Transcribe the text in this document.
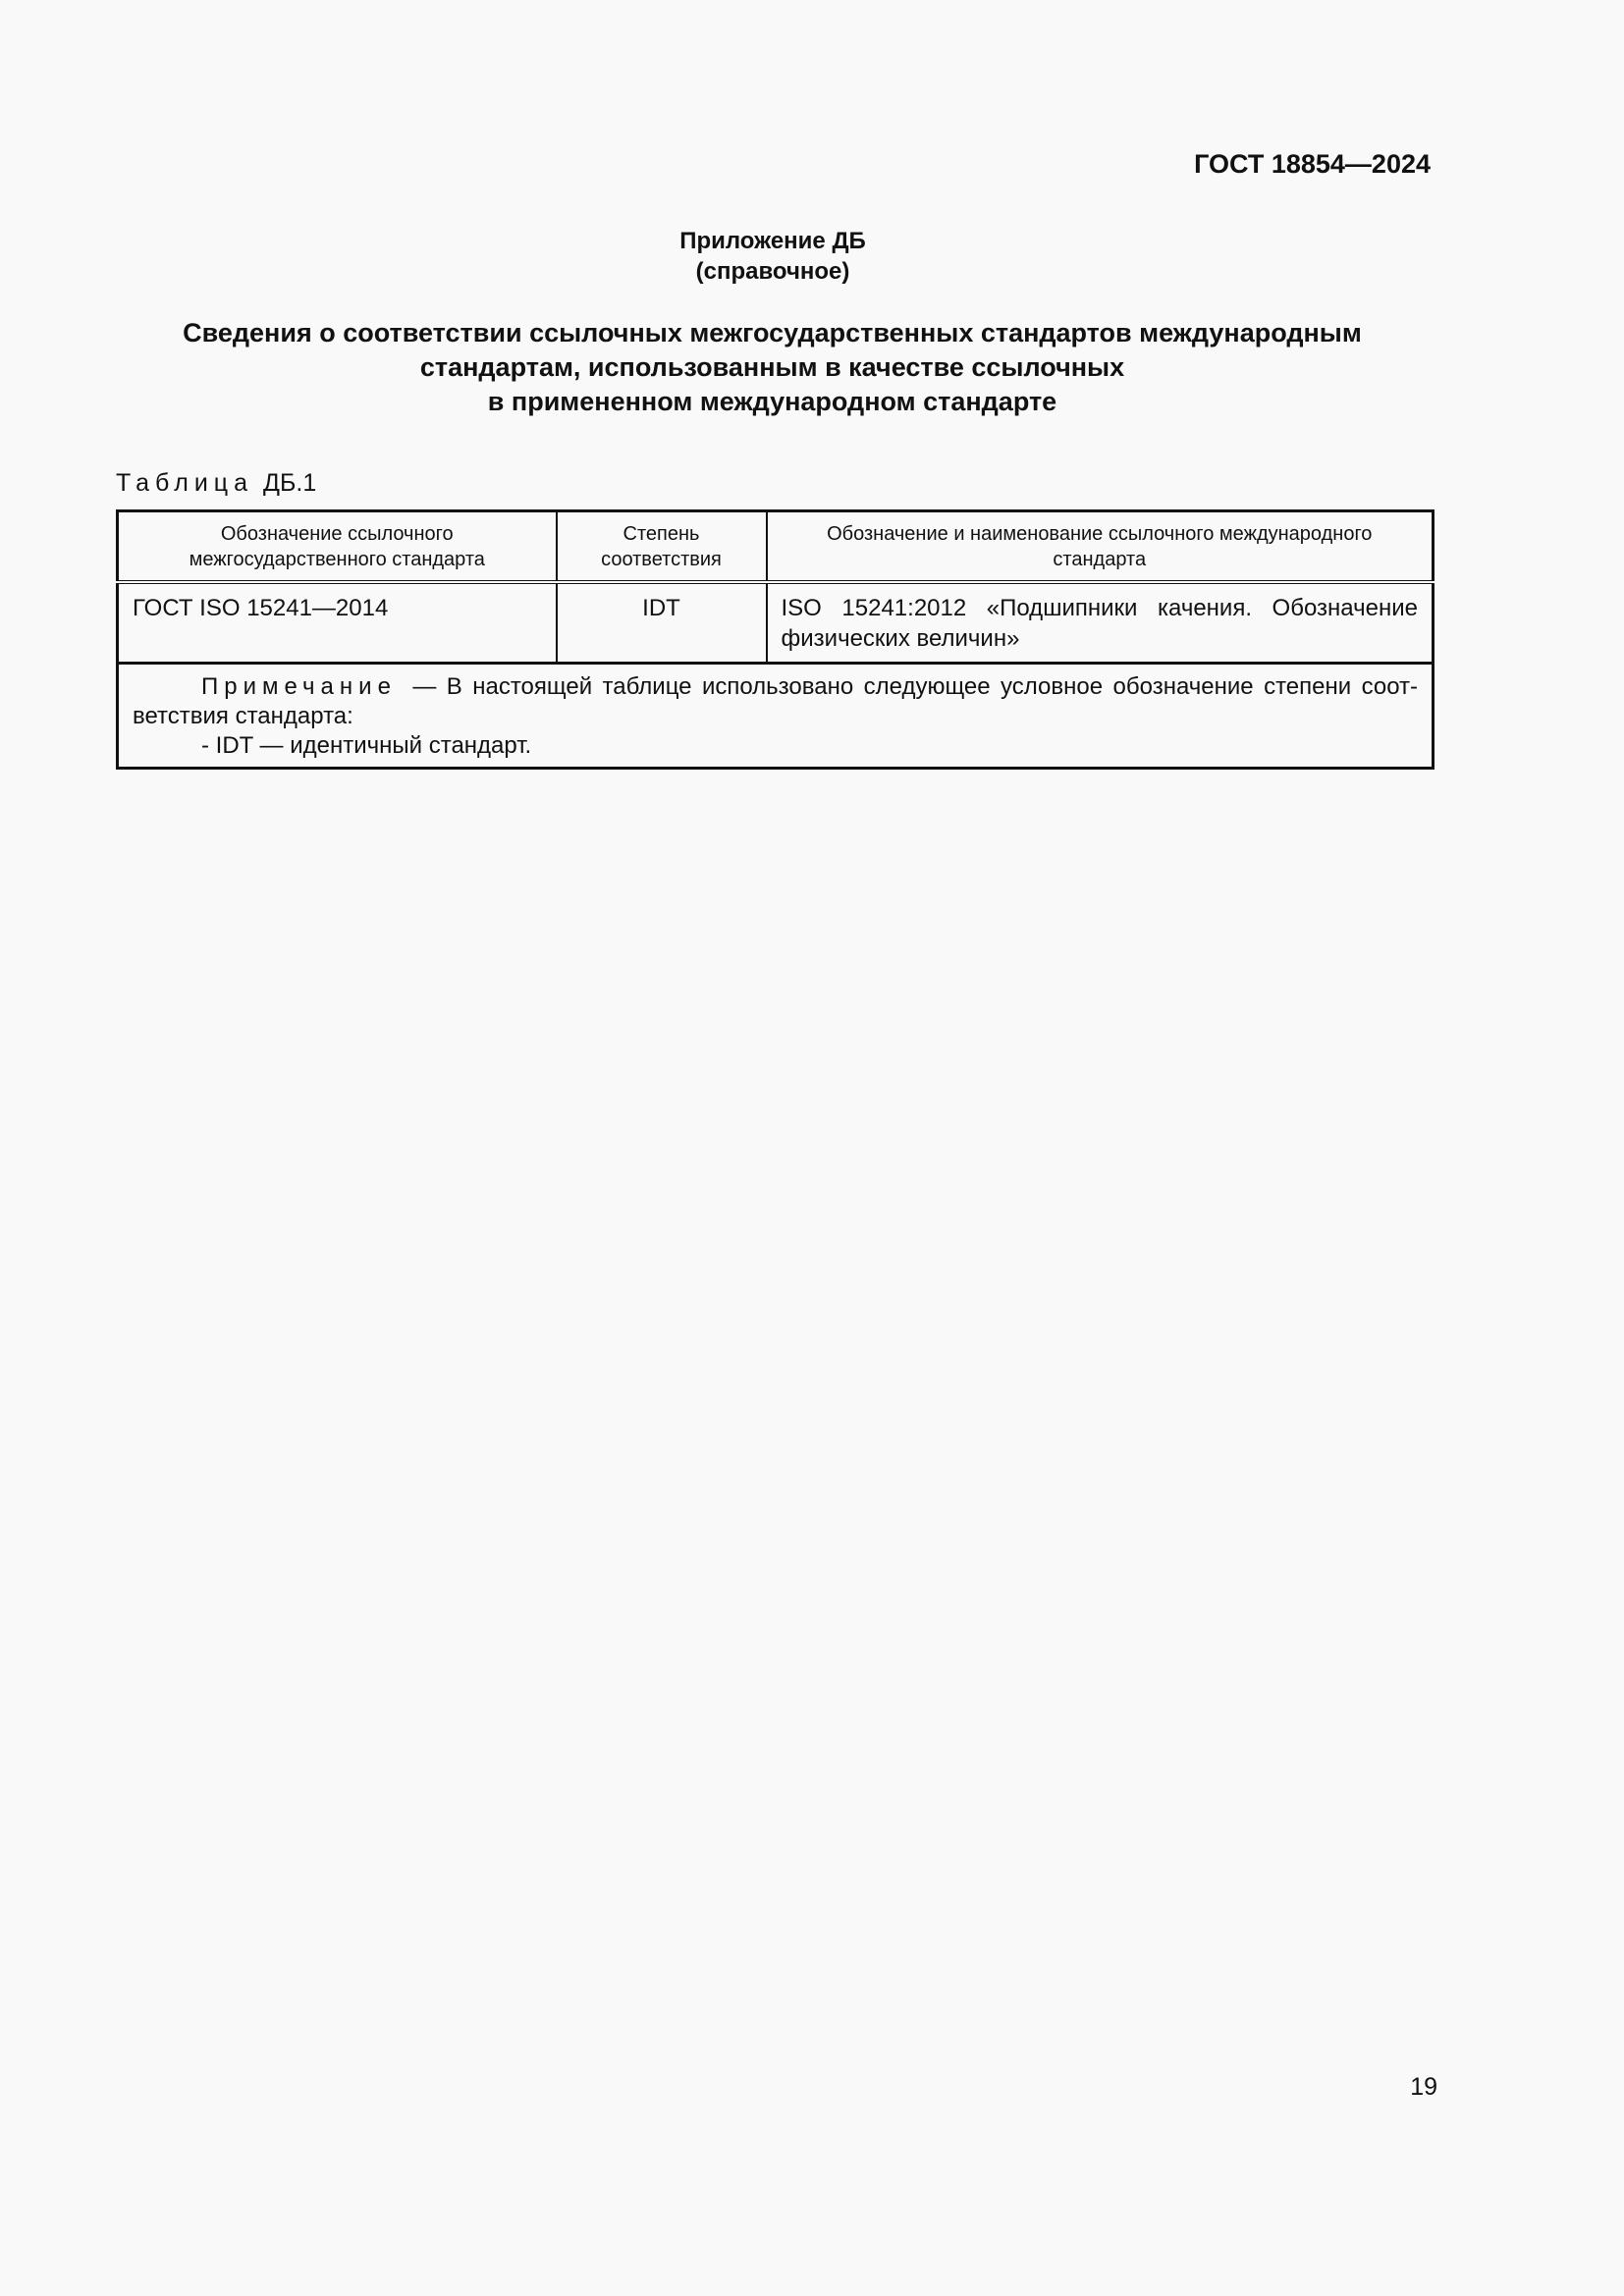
ГОСТ 18854—2024
Приложение ДБ
(справочное)
Сведения о соответствии ссылочных межгосударственных стандартов международным
стандартам, использованным в качестве ссылочных
в примененном международном стандарте
Таблица ДБ.1
Обозначение ссылочного межгосударственного стандарта	Степень соответствия	Обозначение и наименование ссылочного международного стандарта
ГОСТ ISO 15241—2014	IDT	ISO 15241:2012 «Подшипники качения. Обозначение физических величин»

Примечание — В настоящей таблице использовано следующее условное обозначение степени соот-ветствия стандарта:
- IDT — идентичный стандарт.		
19
